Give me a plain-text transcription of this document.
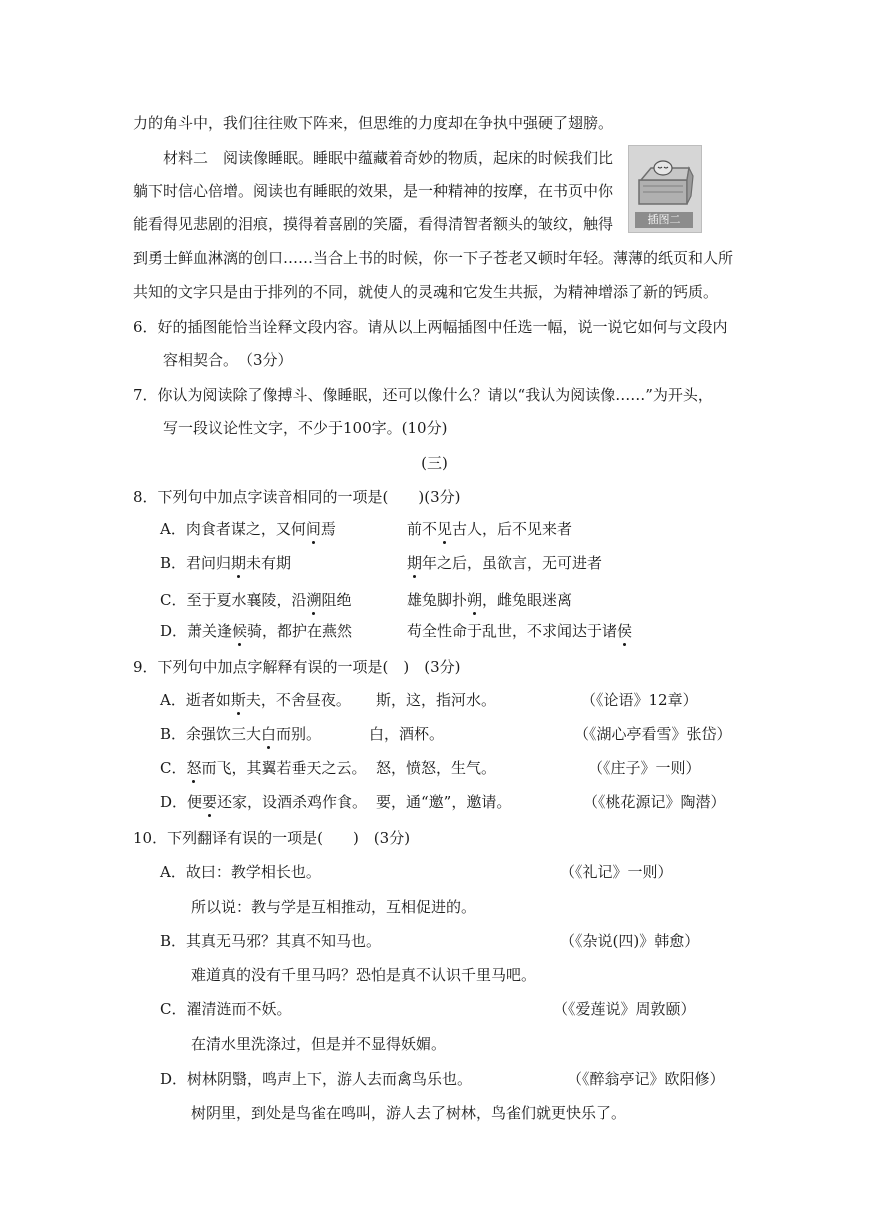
力的角斗中，我们往往败下阵来，但思维的力度却在争执中强硬了翅膀。
材料二　阅读像睡眠。睡眠中蕴藏着奇妙的物质，起床的时候我们比
躺下时信心倍增。阅读也有睡眠的效果，是一种精神的按摩，在书页中你
能看得见悲剧的泪痕，摸得着喜剧的笑靥，看得清智者额头的皱纹，触得
到勇士鲜血淋漓的创口……当合上书的时候，你一下子苍老又顿时年轻。薄薄的纸页和人所
共知的文字只是由于排列的不同，就使人的灵魂和它发生共振，为精神增添了新的钙质。
插图二
6．好的插图能恰当诠释文段内容。请从以上两幅插图中任选一幅，说一说它如何与文段内
容相契合。　（3分）
7．你认为阅读除了像搏斗、像睡眠，还可以像什么？请以“我认为阅读像……”为开头，
写一段议论性文字，不少于100字。(10分)
(三)
8．下列句中加点字读音相同的一项是(　　)(3分)
A．肉食者谋之，又何间焉	前不见古人，后不见来者
B．君问归期未有期	期年之后，虽欲言，无可进者
C．至于夏水襄陵，沿溯阻绝	雄兔脚扑朔，雌兔眼迷离
D．萧关逢候骑，都护在燕然	苟全性命于乱世，不求闻达于诸侯
9．下列句中加点字解释有误的一项是(　)　(3分)
A．逝者如斯夫，不舍昼夜。 斯，这，指河水。	（《论语》12章）
B．余强饮三大白而别。	白，酒杯。	（《湖心亭看雪》张岱）
C．怒而飞，其翼若垂天之云。 怒，愤怒，生气。	（《庄子》一则）
D．便要还家，设酒杀鸡作食。 要，通“邀”，邀请。	（《桃花源记》陶潜）
10．下列翻译有误的一项是(　　)　(3分)
A．故曰：教学相长也。	（《礼记》一则）
所以说：教与学是互相推动，互相促进的。
B．其真无马邪？其真不知马也。	（《杂说(四)》韩愈）
难道真的没有千里马吗？恐怕是真不认识千里马吧。
C．濯清涟而不妖。	（《爱莲说》周敦颐）
在清水里洗涤过，但是并不显得妖媚。
D．树林阴翳，鸣声上下，游人去而禽鸟乐也。	（《醉翁亭记》欧阳修）
树阴里，到处是鸟雀在鸣叫，游人去了树林，鸟雀们就更快乐了。
